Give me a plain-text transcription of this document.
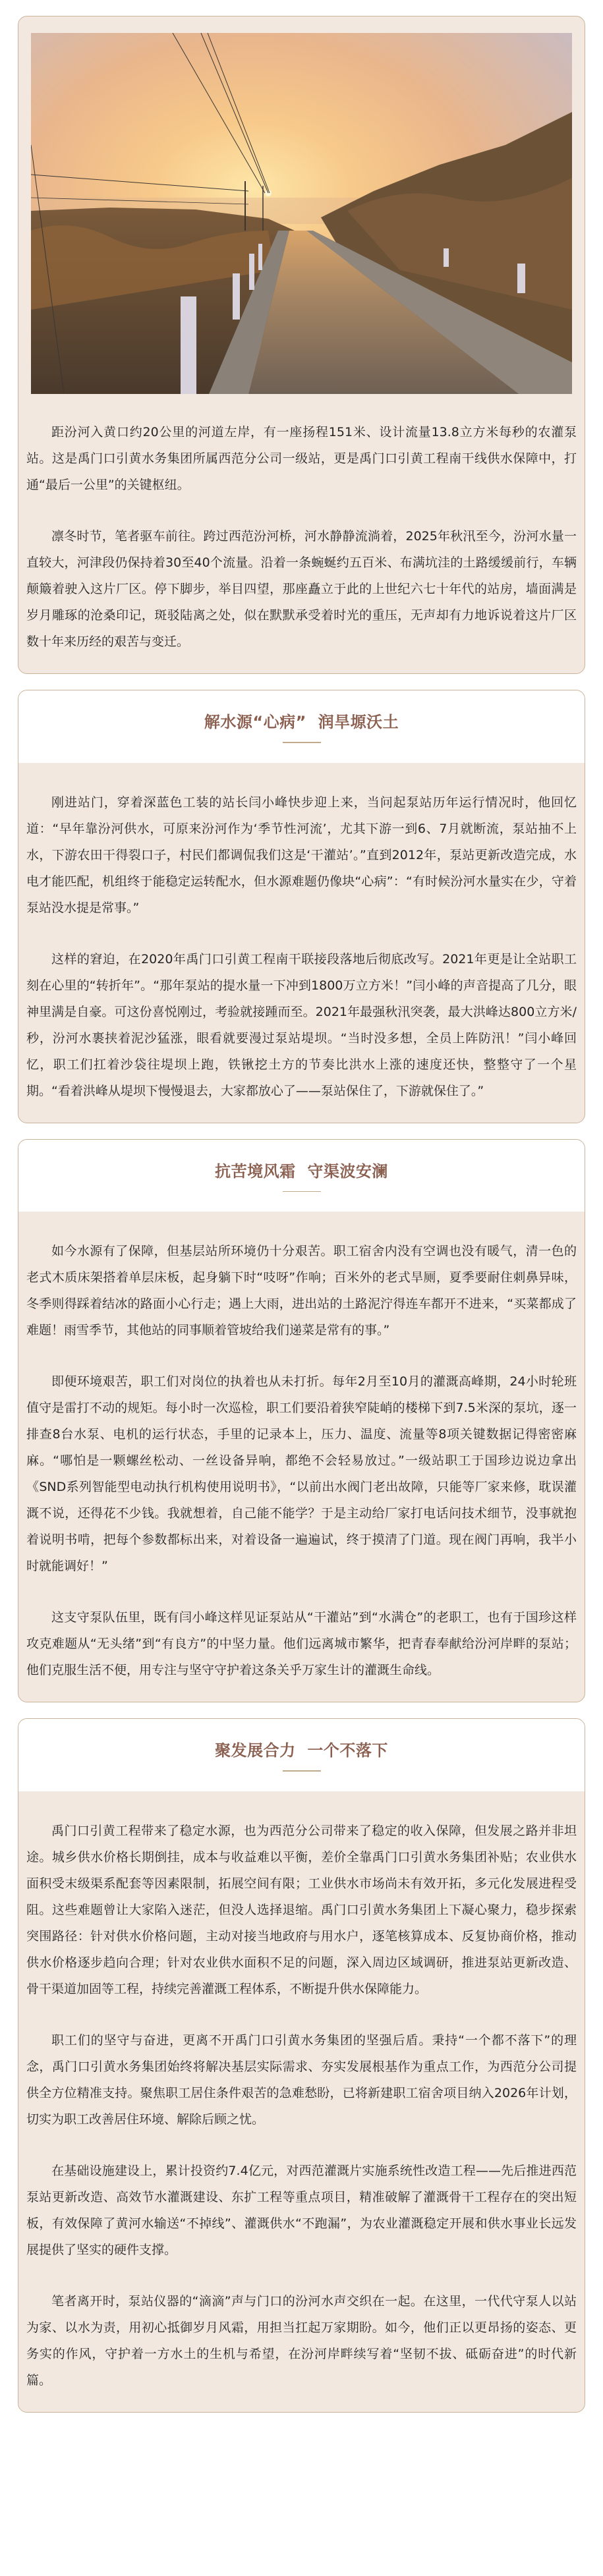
距汾河入黄口约20公里的河道左岸，有一座扬程151米、设计流量13.8立方米每秒的农灌泵站。这是禹门口引黄水务集团所属西范分公司一级站，更是禹门口引黄工程南干线供水保障中，打通“最后一公里”的关键枢纽。

凛冬时节，笔者驱车前往。跨过西范汾河桥，河水静静流淌着，2025年秋汛至今，汾河水量一直较大，河津段仍保持着30至40个流量。沿着一条蜿蜒约五百米、布满坑洼的土路缓缓前行，车辆颠簸着驶入这片厂区。停下脚步，举目四望，那座矗立于此的上世纪六七十年代的站房，墙面满是岁月雕琢的沧桑印记，斑驳陆离之处，似在默默承受着时光的重压，无声却有力地诉说着这片厂区数十年来历经的艰苦与变迁。

解水源“心病”  润旱塬沃土

刚进站门，穿着深蓝色工装的站长闫小峰快步迎上来，当问起泵站历年运行情况时，他回忆道：“早年靠汾河供水，可原来汾河作为‘季节性河流’，尤其下游一到6、7月就断流，泵站抽不上水，下游农田干得裂口子，村民们都调侃我们这是‘干灌站’。”直到2012年，泵站更新改造完成，水电才能匹配，机组终于能稳定运转配水，但水源难题仍像块“心病”：“有时候汾河水量实在少，守着泵站没水提是常事。”

这样的窘迫，在2020年禹门口引黄工程南干联接段落地后彻底改写。2021年更是让全站职工刻在心里的“转折年”。“那年泵站的提水量一下冲到1800万立方米！”闫小峰的声音提高了几分，眼神里满是自豪。可这份喜悦刚过，考验就接踵而至。2021年最强秋汛突袭，最大洪峰达800立方米/秒，汾河水裹挟着泥沙猛涨，眼看就要漫过泵站堤坝。“当时没多想，全员上阵防汛！”闫小峰回忆，职工们扛着沙袋往堤坝上跑，铁锹挖土方的节奏比洪水上涨的速度还快，整整守了一个星期。“看着洪峰从堤坝下慢慢退去，大家都放心了——泵站保住了，下游就保住了。”

抗苦境风霜  守渠波安澜

如今水源有了保障，但基层站所环境仍十分艰苦。职工宿舍内没有空调也没有暖气，清一色的老式木质床架搭着单层床板，起身躺下时“吱呀”作响；百米外的老式旱厕，夏季要耐住刺鼻异味，冬季则得踩着结冰的路面小心行走；遇上大雨，进出站的土路泥泞得连车都开不进来，“买菜都成了难题！雨雪季节，其他站的同事顺着管坡给我们递菜是常有的事。”

即便环境艰苦，职工们对岗位的执着也从未打折。每年2月至10月的灌溉高峰期，24小时轮班值守是雷打不动的规矩。每小时一次巡检，职工们要沿着狭窄陡峭的楼梯下到7.5米深的泵坑，逐一排查8台水泵、电机的运行状态，手里的记录本上，压力、温度、流量等8项关键数据记得密密麻麻。“哪怕是一颗螺丝松动、一丝设备异响，都绝不会轻易放过。”一级站职工于国珍边说边拿出《SND系列智能型电动执行机构使用说明书》，“以前出水阀门老出故障，只能等厂家来修，耽误灌溉不说，还得花不少钱。我就想着，自己能不能学？于是主动给厂家打电话问技术细节，没事就抱着说明书啃，把每个参数都标出来，对着设备一遍遍试，终于摸清了门道。现在阀门再响，我半小时就能调好！”

这支守泵队伍里，既有闫小峰这样见证泵站从“干灌站”到“水满仓”的老职工，也有于国珍这样攻克难题从“无头绪”到“有良方”的中坚力量。他们远离城市繁华，把青春奉献给汾河岸畔的泵站；他们克服生活不便，用专注与坚守守护着这条关乎万家生计的灌溉生命线。

聚发展合力  一个不落下

禹门口引黄工程带来了稳定水源，也为西范分公司带来了稳定的收入保障，但发展之路并非坦途。城乡供水价格长期倒挂，成本与收益难以平衡，差价全靠禹门口引黄水务集团补贴；农业供水面积受末级渠系配套等因素限制，拓展空间有限；工业供水市场尚未有效开拓，多元化发展进程受阻。这些难题曾让大家陷入迷茫，但没人选择退缩。禹门口引黄水务集团上下凝心聚力，稳步探索突围路径：针对供水价格问题，主动对接当地政府与用水户，逐笔核算成本、反复协商价格，推动供水价格逐步趋向合理；针对农业供水面积不足的问题，深入周边区域调研，推进泵站更新改造、骨干渠道加固等工程，持续完善灌溉工程体系，不断提升供水保障能力。

职工们的坚守与奋进，更离不开禹门口引黄水务集团的坚强后盾。秉持“一个都不落下”的理念，禹门口引黄水务集团始终将解决基层实际需求、夯实发展根基作为重点工作，为西范分公司提供全方位精准支持。聚焦职工居住条件艰苦的急难愁盼，已将新建职工宿舍项目纳入2026年计划，切实为职工改善居住环境、解除后顾之忧。

在基础设施建设上，累计投资约7.4亿元，对西范灌溉片实施系统性改造工程——先后推进西范泵站更新改造、高效节水灌溉建设、东扩工程等重点项目，精准破解了灌溉骨干工程存在的突出短板，有效保障了黄河水输送“不掉线”、灌溉供水“不跑漏”，为农业灌溉稳定开展和供水事业长远发展提供了坚实的硬件支撑。

笔者离开时，泵站仪器的“滴滴”声与门口的汾河水声交织在一起。在这里，一代代守泵人以站为家、以水为责，用初心抵御岁月风霜，用担当扛起万家期盼。如今，他们正以更昂扬的姿态、更务实的作风，守护着一方水土的生机与希望，在汾河岸畔续写着“坚韧不拔、砥砺奋进”的时代新篇。
